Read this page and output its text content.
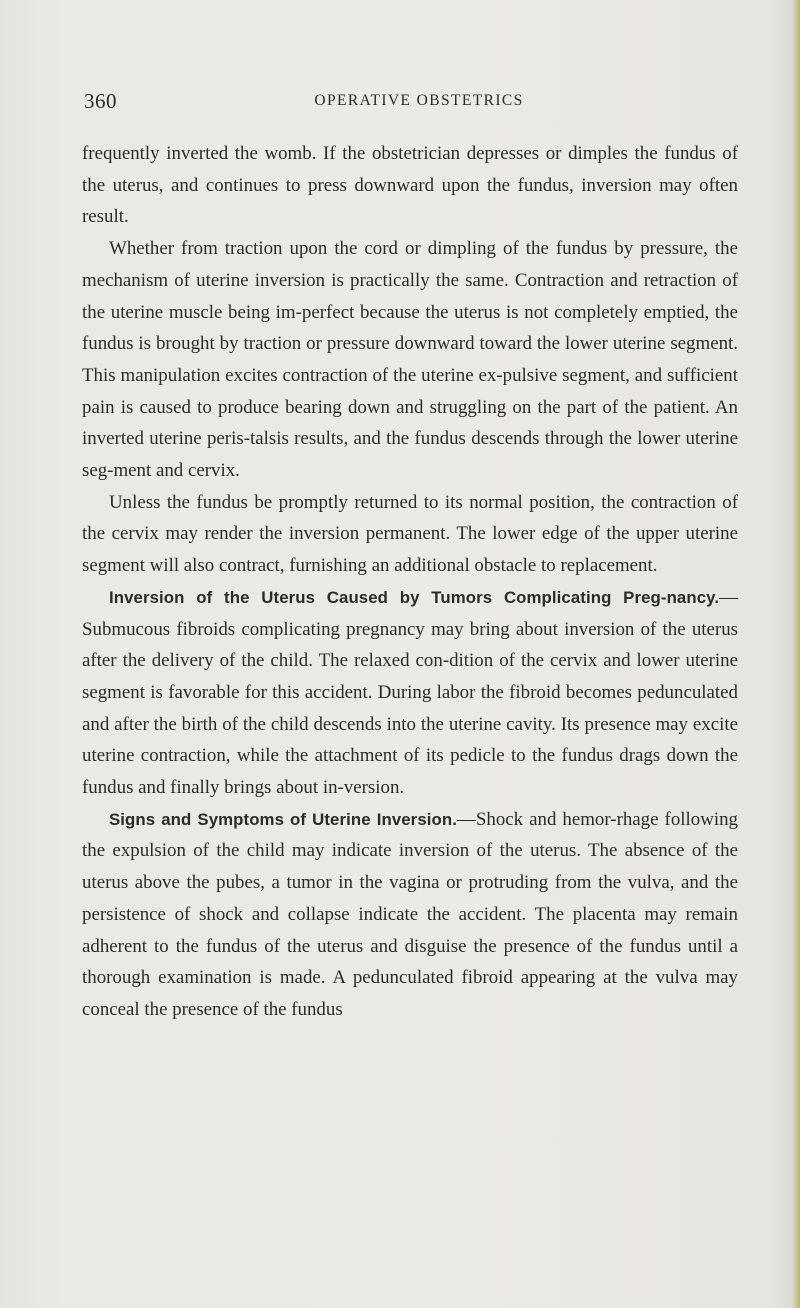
360	OPERATIVE OBSTETRICS

frequently inverted the womb. If the obstetrician depresses or dimples the fundus of the uterus, and continues to press downward upon the fundus, inversion may often result.

Whether from traction upon the cord or dimpling of the fundus by pressure, the mechanism of uterine inversion is practically the same. Contraction and retraction of the uterine muscle being im-perfect because the uterus is not completely emptied, the fundus is brought by traction or pressure downward toward the lower uterine segment. This manipulation excites contraction of the uterine ex-pulsive segment, and sufficient pain is caused to produce bearing down and struggling on the part of the patient. An inverted uterine peris-talsis results, and the fundus descends through the lower uterine seg-ment and cervix.

Unless the fundus be promptly returned to its normal position, the contraction of the cervix may render the inversion permanent. The lower edge of the upper uterine segment will also contract, furnishing an additional obstacle to replacement.

Inversion of the Uterus Caused by Tumors Complicating Preg-nancy.—Submucous fibroids complicating pregnancy may bring about inversion of the uterus after the delivery of the child. The relaxed con-dition of the cervix and lower uterine segment is favorable for this accident. During labor the fibroid becomes pedunculated and after the birth of the child descends into the uterine cavity. Its presence may excite uterine contraction, while the attachment of its pedicle to the fundus drags down the fundus and finally brings about in-version.

Signs and Symptoms of Uterine Inversion.—Shock and hemor-rhage following the expulsion of the child may indicate inversion of the uterus. The absence of the uterus above the pubes, a tumor in the vagina or protruding from the vulva, and the persistence of shock and collapse indicate the accident. The placenta may remain adherent to the fundus of the uterus and disguise the presence of the fundus until a thorough examination is made. A pedunculated fibroid appearing at the vulva may conceal the presence of the fundus
